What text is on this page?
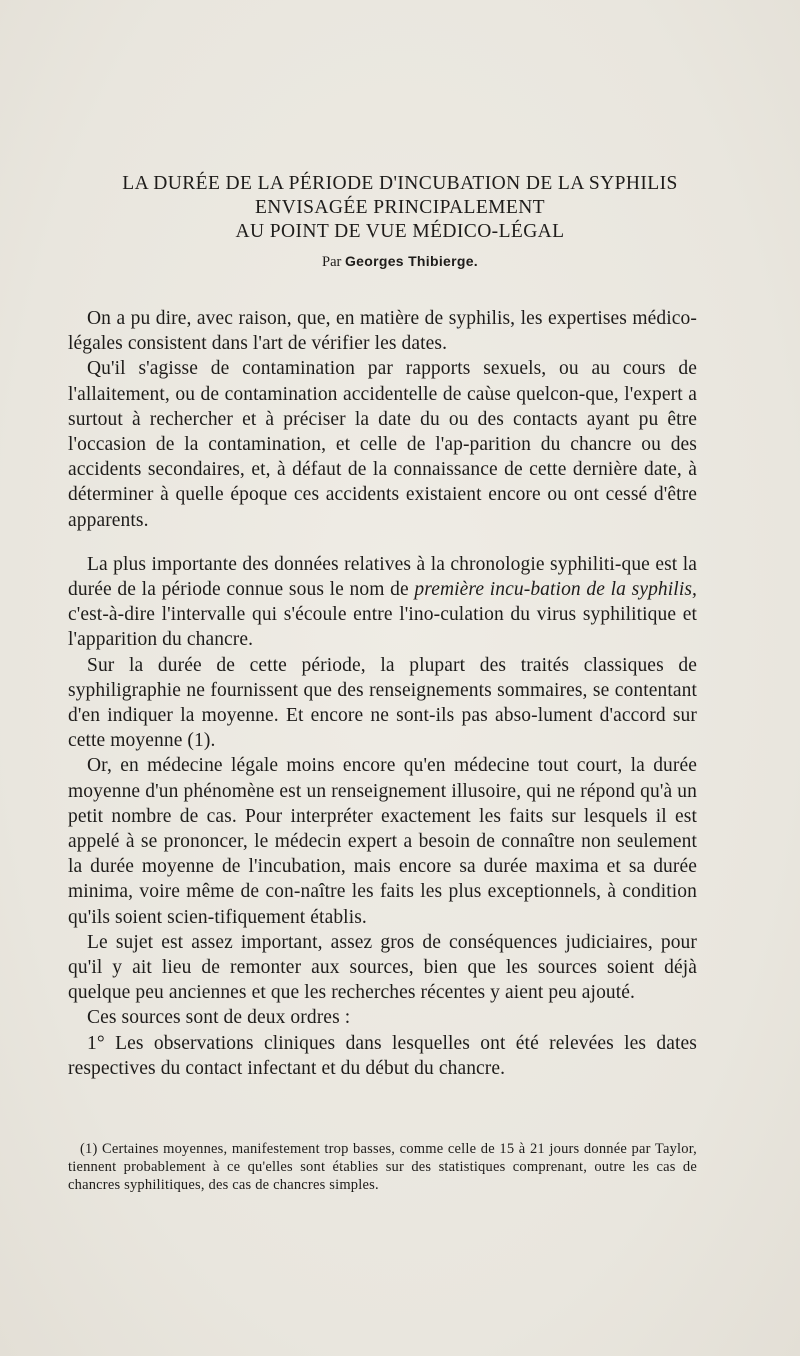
LA DURÉE DE LA PÉRIODE D'INCUBATION DE LA SYPHILIS
ENVISAGÉE PRINCIPALEMENT
AU POINT DE VUE MÉDICO-LÉGAL
Par Georges Thibierge.

On a pu dire, avec raison, que, en matière de syphilis, les expertises médico-légales consistent dans l'art de vérifier les dates.

Qu'il s'agisse de contamination par rapports sexuels, ou au cours de l'allaitement, ou de contamination accidentelle de caùse quelcon-que, l'expert a surtout à rechercher et à préciser la date du ou des contacts ayant pu être l'occasion de la contamination, et celle de l'ap-parition du chancre ou des accidents secondaires, et, à défaut de la connaissance de cette dernière date, à déterminer à quelle époque ces accidents existaient encore ou ont cessé d'être apparents.

La plus importante des données relatives à la chronologie syphiliti-que est la durée de la période connue sous le nom de première incu-bation de la syphilis, c'est-à-dire l'intervalle qui s'écoule entre l'ino-culation du virus syphilitique et l'apparition du chancre.

Sur la durée de cette période, la plupart des traités classiques de syphiligraphie ne fournissent que des renseignements sommaires, se contentant d'en indiquer la moyenne. Et encore ne sont-ils pas abso-lument d'accord sur cette moyenne (1).

Or, en médecine légale moins encore qu'en médecine tout court, la durée moyenne d'un phénomène est un renseignement illusoire, qui ne répond qu'à un petit nombre de cas. Pour interpréter exactement les faits sur lesquels il est appelé à se prononcer, le médecin expert a besoin de connaître non seulement la durée moyenne de l'incubation, mais encore sa durée maxima et sa durée minima, voire même de con-naître les faits les plus exceptionnels, à condition qu'ils soient scien-tifiquement établis.

Le sujet est assez important, assez gros de conséquences judiciaires, pour qu'il y ait lieu de remonter aux sources, bien que les sources soient déjà quelque peu anciennes et que les recherches récentes y aient peu ajouté.

Ces sources sont de deux ordres :

1° Les observations cliniques dans lesquelles ont été relevées les dates respectives du contact infectant et du début du chancre.

(1) Certaines moyennes, manifestement trop basses, comme celle de 15 à 21 jours donnée par Taylor, tiennent probablement à ce qu'elles sont établies sur des statistiques comprenant, outre les cas de chancres syphilitiques, des cas de chancres simples.
